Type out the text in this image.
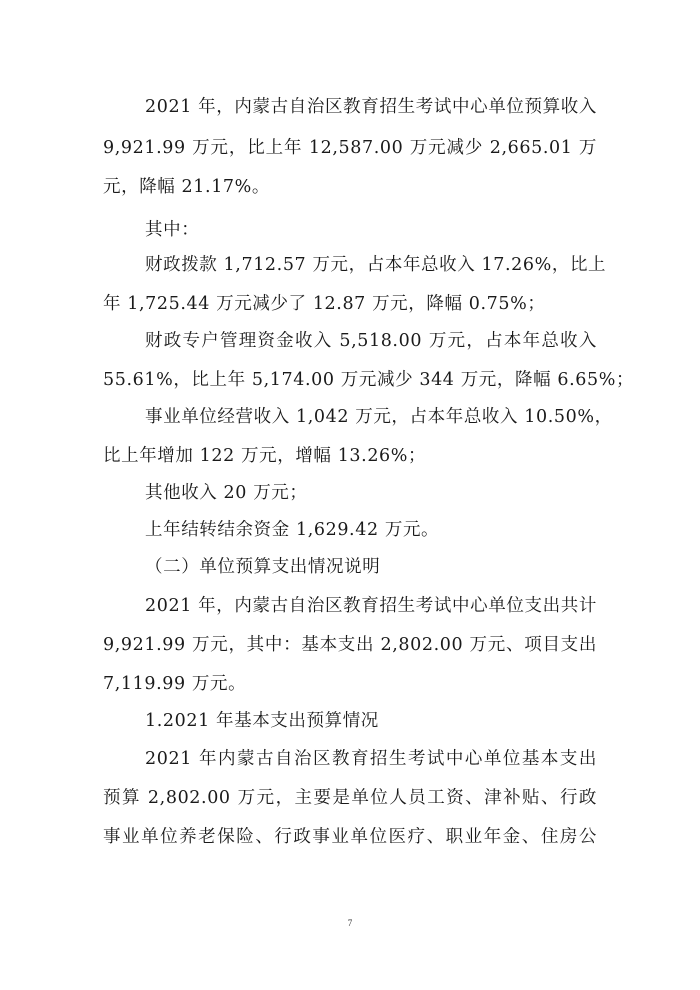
2021 年，内蒙古自治区教育招生考试中心单位预算收入
9,921.99 万元，比上年 12,587.00 万元减少 2,665.01 万
元，降幅 21.17%。
其中：
财政拨款 1,712.57 万元，占本年总收入 17.26%，比上
年 1,725.44 万元减少了 12.87 万元，降幅 0.75%；
财政专户管理资金收入 5,518.00 万元，占本年总收入
55.61%，比上年 5,174.00 万元减少 344 万元，降幅 6.65%；
事业单位经营收入 1,042 万元，占本年总收入 10.50%，
比上年增加 122 万元，增幅 13.26%；
其他收入 20 万元；
上年结转结余资金 1,629.42 万元。
（二）单位预算支出情况说明
2021 年，内蒙古自治区教育招生考试中心单位支出共计
9,921.99 万元，其中：基本支出 2,802.00 万元、项目支出
7,119.99 万元。
1.2021 年基本支出预算情况
2021 年内蒙古自治区教育招生考试中心单位基本支出
预算 2,802.00 万元，主要是单位人员工资、津补贴、行政
事业单位养老保险、行政事业单位医疗、职业年金、住房公
7
